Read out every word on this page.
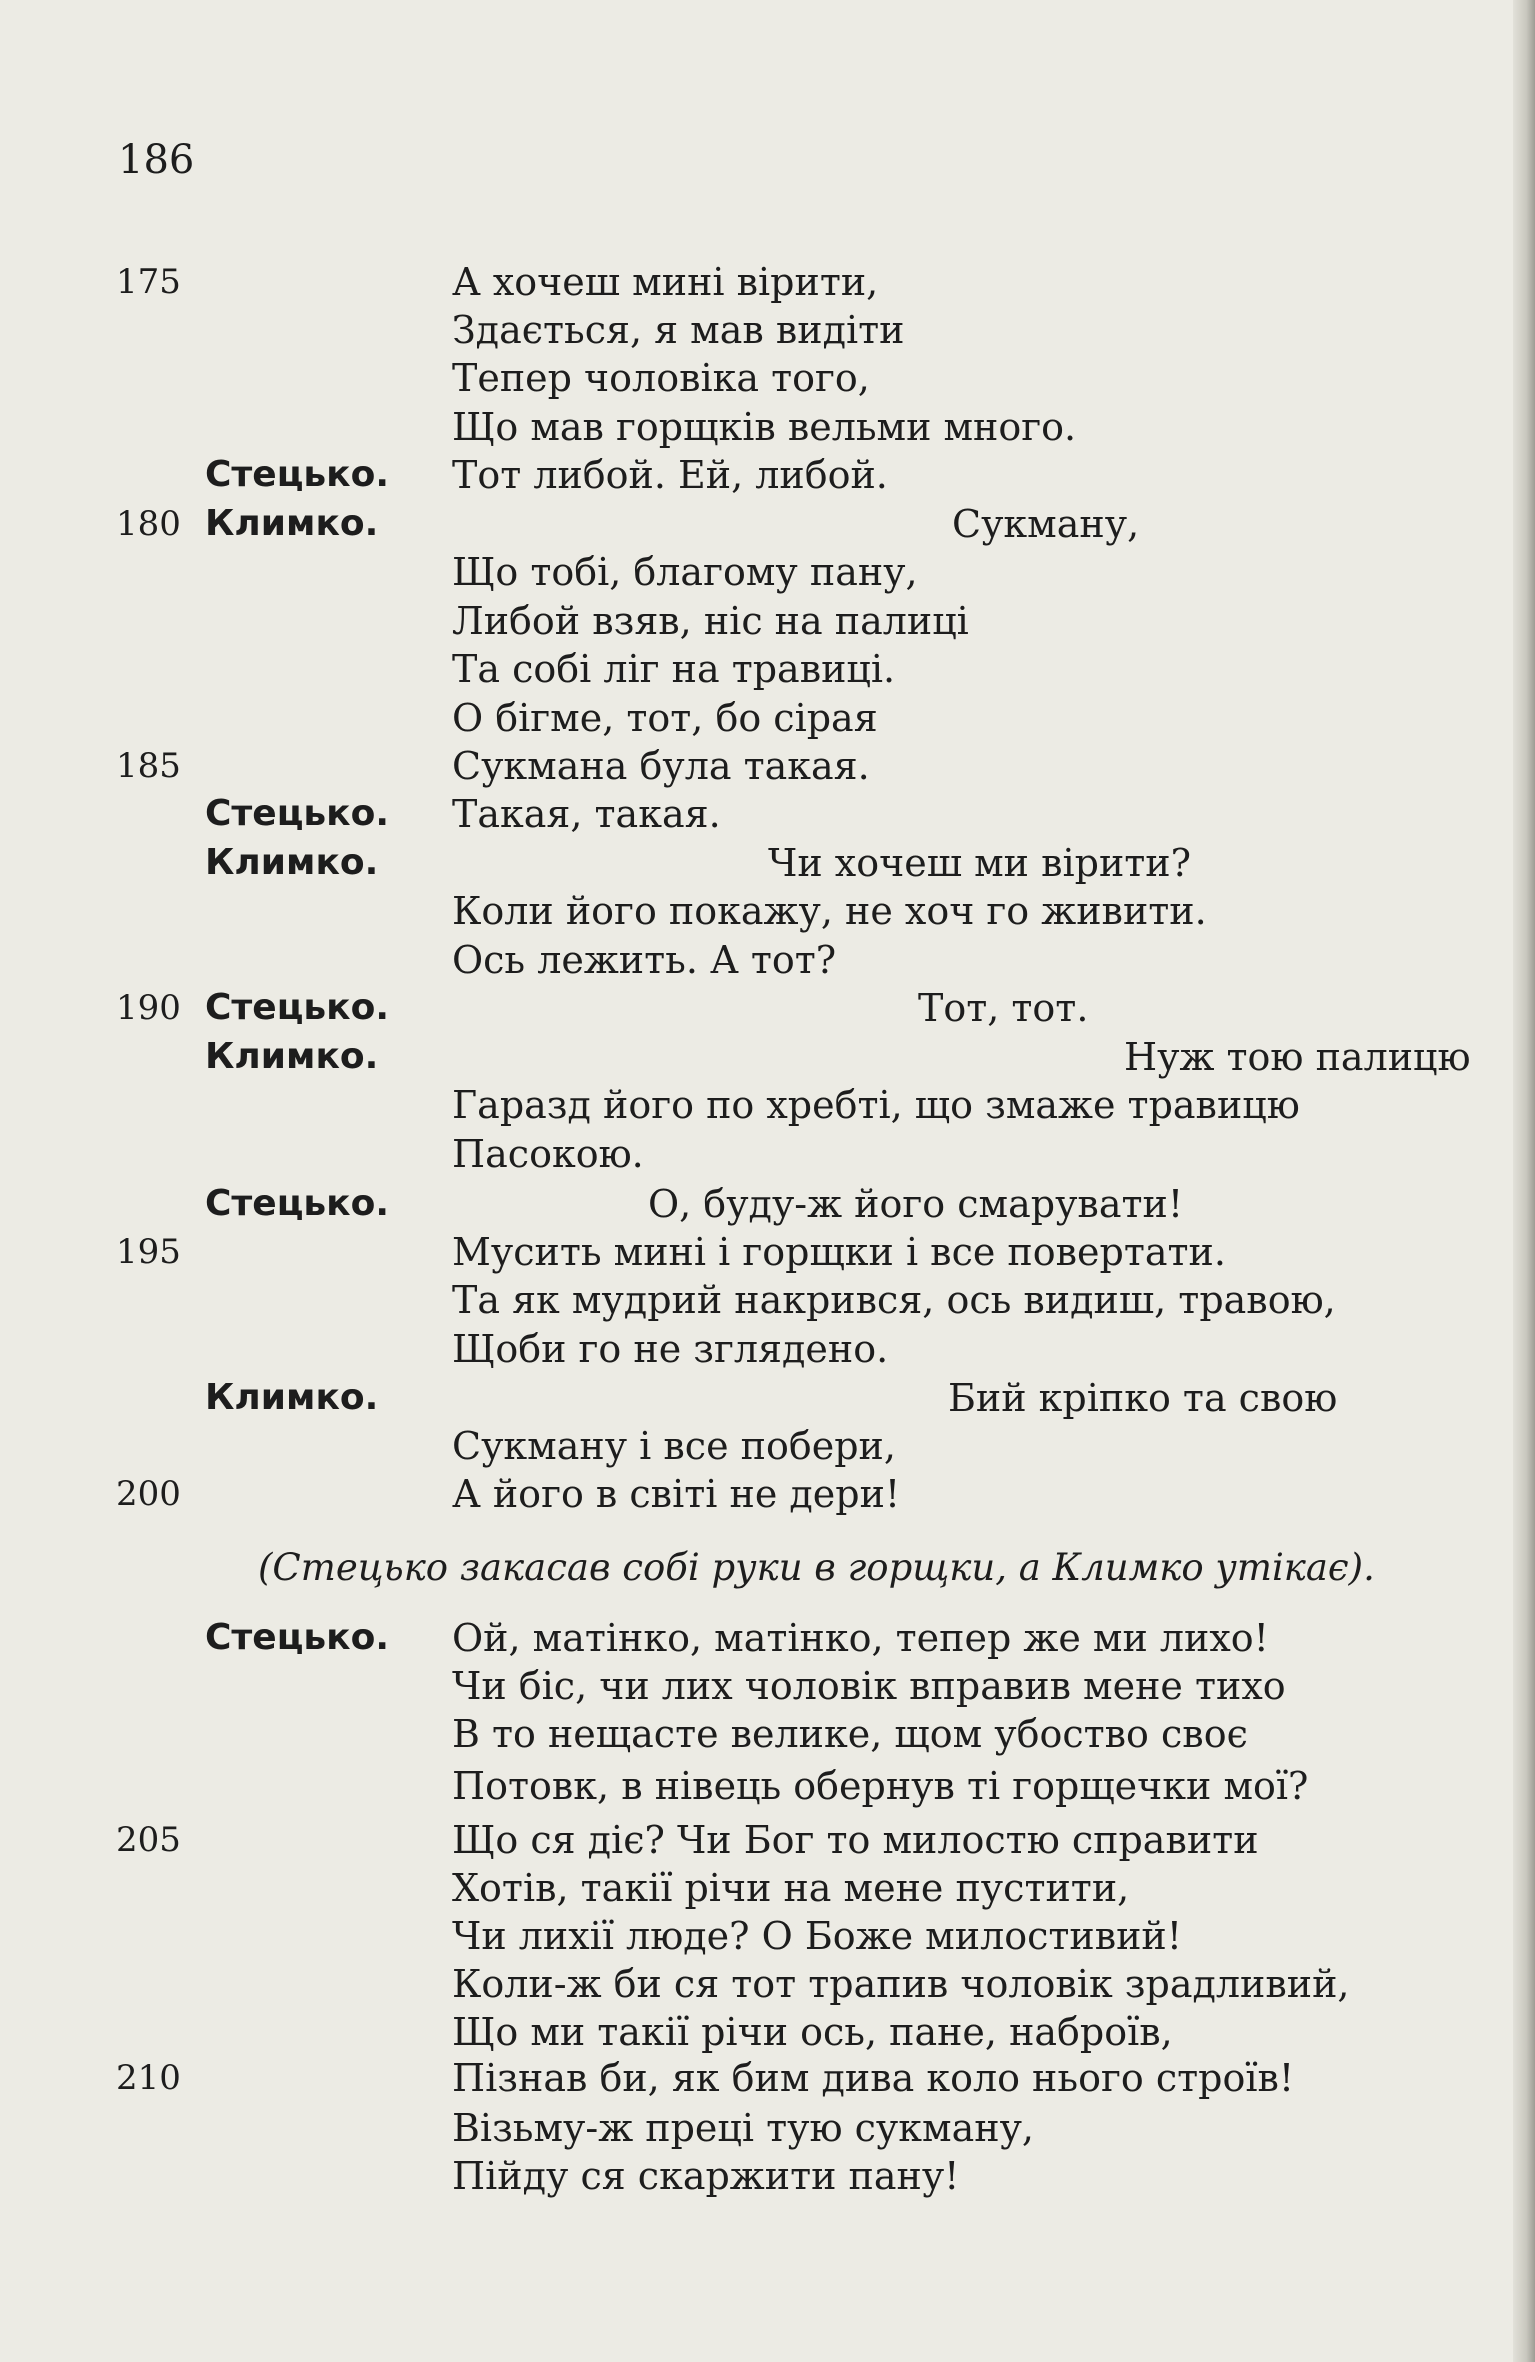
186
175
180
185
190
195
200
205
210
Стецько.
Климко.
Стецько.
Климко.
Стецько.
Климко.
Стецько.
Климко.
Стецько.
А хочеш мині вірити,
Здається, я мав видіти
Тепер чоловіка того,
Що мав горщків вельми много.
Тот либой. Ей, либой.
Сукману,
Що тобі, благому пану,
Либой взяв, ніс на палиці
Та собі ліг на травиці.
О бігме, тот, бо сірая
Сукмана була такая.
Такая, такая.
Чи хочеш ми вірити?
Коли його покажу, не хоч го живити.
Ось лежить. А тот?
Тот, тот.
Нуж тою палицю
Гаразд його по хребті, що змаже травицю
Пасокою.
О, буду-ж його смарувати!
Мусить мині і горщки і все повертати.
Та як мудрий накрився, ось видиш, травою,
Щоби го не зглядено.
Бий кріпко та свою
Сукману і все побери,
А його в світі не дери!
(Стецько закасав собі руки в горщки, а Климко утікає).
Ой, матінко, матінко, тепер же ми лихо!
Чи біс, чи лих чоловік вправив мене тихо
В то нещасте велике, щом убоство своє
Потовк, в нівець обернув ті горщечки мої?
Що ся діє? Чи Бог то милостю справити
Хотів, такії річи на мене пустити,
Чи лихії люде? О Боже милостивий!
Коли-ж би ся тот трапив чоловік зрадливий,
Що ми такії річи ось, пане, наброїв,
Пізнав би, як бим дива коло нього строїв!
Візьму-ж преці тую сукману,
Пійду ся скаржити пану!
